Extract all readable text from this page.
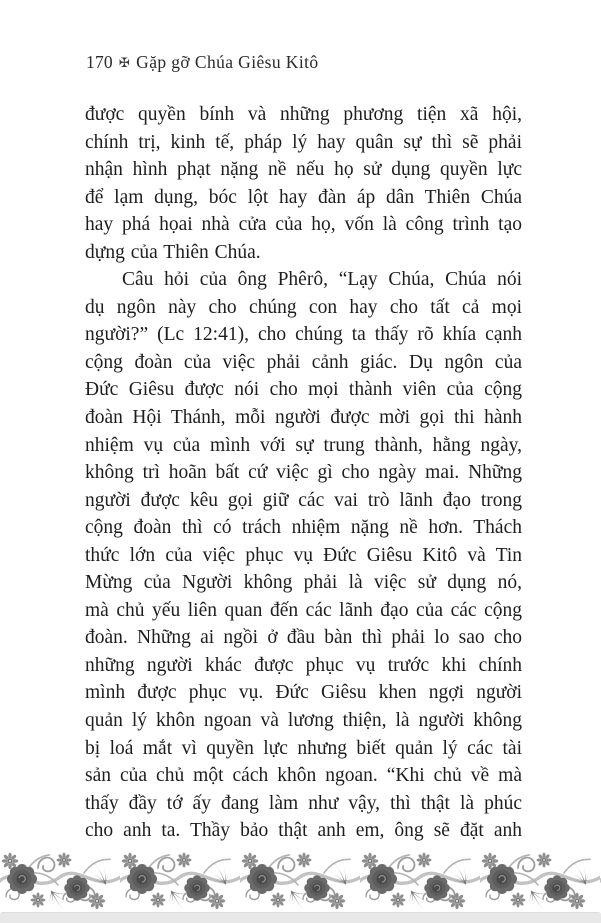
170 ✠ Gặp gỡ Chúa Giêsu Kitô
được quyền bính và những phương tiện xã hội,
chính trị, kinh tế, pháp lý hay quân sự thì sẽ phải
nhận hình phạt nặng nề nếu họ sử dụng quyền lực
để lạm dụng, bóc lột hay đàn áp dân Thiên Chúa
hay phá họai nhà cửa của họ, vốn là công trình tạo
dựng của Thiên Chúa.
Câu hỏi của ông Phêrô, “Lạy Chúa, Chúa nói
dụ ngôn này cho chúng con hay cho tất cả mọi
người?” (Lc 12:41), cho chúng ta thấy rõ khía cạnh
cộng đoàn của việc phải cảnh giác. Dụ ngôn của
Đức Giêsu được nói cho mọi thành viên của cộng
đoàn Hội Thánh, mỗi người được mời gọi thi hành
nhiệm vụ của mình với sự trung thành, hằng ngày,
không trì hoãn bất cứ việc gì cho ngày mai. Những
người được kêu gọi giữ các vai trò lãnh đạo trong
cộng đoàn thì có trách nhiệm nặng nề hơn. Thách
thức lớn của việc phục vụ Đức Giêsu Kitô và Tin
Mừng của Người không phải là việc sử dụng nó,
mà chủ yếu liên quan đến các lãnh đạo của các cộng
đoàn. Những ai ngồi ở đầu bàn thì phải lo sao cho
những người khác được phục vụ trước khi chính
mình được phục vụ. Đức Giêsu khen ngợi người
quản lý khôn ngoan và lương thiện, là người không
bị loá mắt vì quyền lực nhưng biết quản lý các tài
sản của chủ một cách khôn ngoan. “Khi chủ về mà
thấy đầy tớ ấy đang làm như vậy, thì thật là phúc
cho anh ta. Thầy bảo thật anh em, ông sẽ đặt anh
